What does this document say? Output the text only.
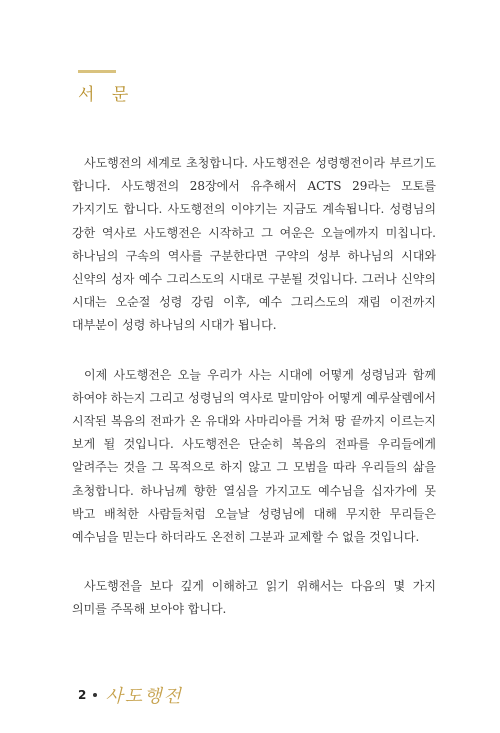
서 문

사도행전의 세계로 초청합니다. 사도행전은 성령행전이라 부르기도 합니다. 사도행전의 28장에서 유추해서 ACTS 29라는 모토를 가지기도 합니다. 사도행전의 이야기는 지금도 계속됩니다. 성령님의 강한 역사로 사도행전은 시작하고 그 여운은 오늘에까지 미칩니다. 하나님의 구속의 역사를 구분한다면 구약의 성부 하나님의 시대와 신약의 성자 예수 그리스도의 시대로 구분될 것입니다. 그러나 신약의 시대는 오순절 성령 강림 이후, 예수 그리스도의 재림 이전까지 대부분이 성령 하나님의 시대가 됩니다.

이제 사도행전은 오늘 우리가 사는 시대에 어떻게 성령님과 함께 하여야 하는지 그리고 성령님의 역사로 말미암아 어떻게 예루살렘에서 시작된 복음의 전파가 온 유대와 사마리아를 거쳐 땅 끝까지 이르는지 보게 될 것입니다. 사도행전은 단순히 복음의 전파를 우리들에게 알려주는 것을 그 목적으로 하지 않고 그 모범을 따라 우리들의 삶을 초청합니다. 하나님께 향한 열심을 가지고도 예수님을 십자가에 못 박고 배척한 사람들처럼 오늘날 성령님에 대해 무지한 무리들은 예수님을 믿는다 하더라도 온전히 그분과 교제할 수 없을 것입니다.

사도행전을 보다 깊게 이해하고 읽기 위해서는 다음의 몇 가지 의미를 주목해 보아야 합니다.

2 사도행전
